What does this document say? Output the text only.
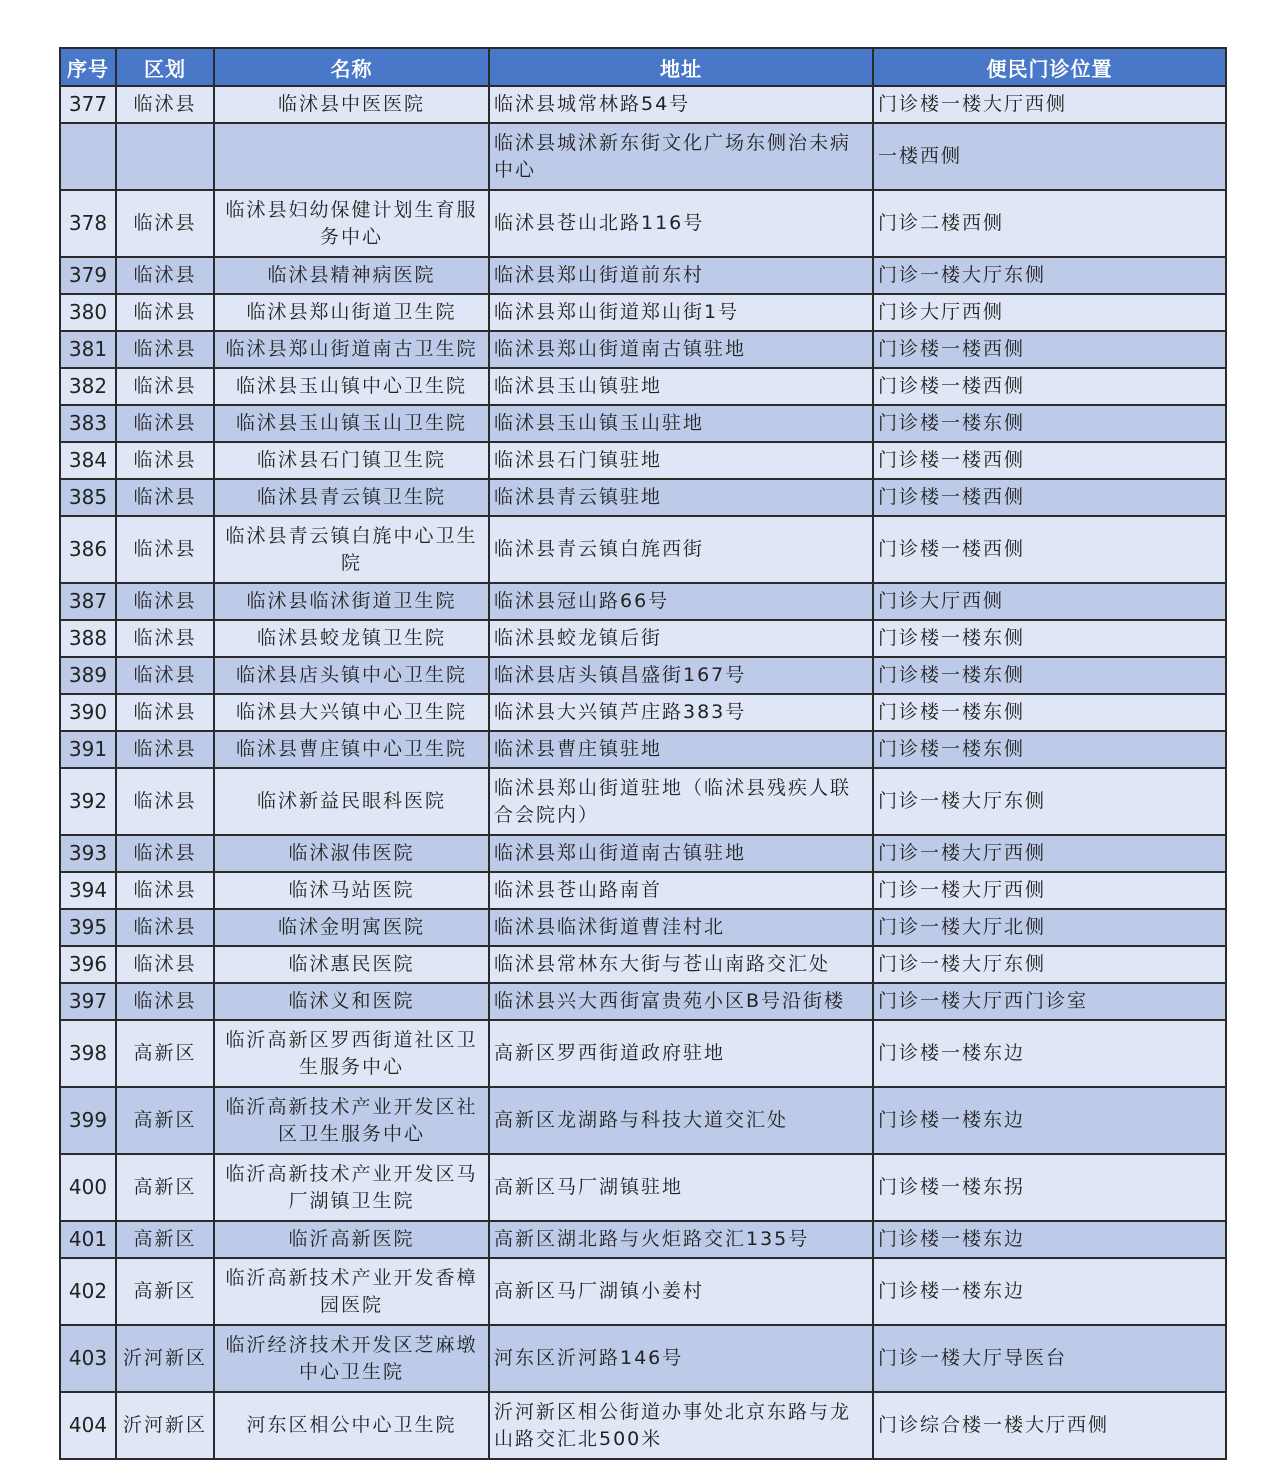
序号	区划	名称	地址	便民门诊位置
377	临沭县	临沭县中医医院	临沭县城常林路54号	门诊楼一楼大厅西侧
			临沭县城沭新东街文化广场东侧治未病中心	一楼西侧
378	临沭县	临沭县妇幼保健计划生育服务中心	临沭县苍山北路116号	门诊二楼西侧
379	临沭县	临沭县精神病医院	临沭县郑山街道前东村	门诊一楼大厅东侧
380	临沭县	临沭县郑山街道卫生院	临沭县郑山街道郑山街1号	门诊大厅西侧
381	临沭县	临沭县郑山街道南古卫生院	临沭县郑山街道南古镇驻地	门诊楼一楼西侧
382	临沭县	临沭县玉山镇中心卫生院	临沭县玉山镇驻地	门诊楼一楼西侧
383	临沭县	临沭县玉山镇玉山卫生院	临沭县玉山镇玉山驻地	门诊楼一楼东侧
384	临沭县	临沭县石门镇卫生院	临沭县石门镇驻地	门诊楼一楼西侧
385	临沭县	临沭县青云镇卫生院	临沭县青云镇驻地	门诊楼一楼西侧
386	临沭县	临沭县青云镇白旄中心卫生院	临沭县青云镇白旄西街	门诊楼一楼西侧
387	临沭县	临沭县临沭街道卫生院	临沭县冠山路66号	门诊大厅西侧
388	临沭县	临沭县蛟龙镇卫生院	临沭县蛟龙镇后街	门诊楼一楼东侧
389	临沭县	临沭县店头镇中心卫生院	临沭县店头镇昌盛街167号	门诊楼一楼东侧
390	临沭县	临沭县大兴镇中心卫生院	临沭县大兴镇芦庄路383号	门诊楼一楼东侧
391	临沭县	临沭县曹庄镇中心卫生院	临沭县曹庄镇驻地	门诊楼一楼东侧
392	临沭县	临沭新益民眼科医院	临沭县郑山街道驻地（临沭县残疾人联合会院内）	门诊一楼大厅东侧
393	临沭县	临沭淑伟医院	临沭县郑山街道南古镇驻地	门诊一楼大厅西侧
394	临沭县	临沭马站医院	临沭县苍山路南首	门诊一楼大厅西侧
395	临沭县	临沭金明寓医院	临沭县临沭街道曹洼村北	门诊一楼大厅北侧
396	临沭县	临沭惠民医院	临沭县常林东大街与苍山南路交汇处	门诊一楼大厅东侧
397	临沭县	临沭义和医院	临沭县兴大西街富贵苑小区B号沿街楼	门诊一楼大厅西门诊室
398	高新区	临沂高新区罗西街道社区卫生服务中心	高新区罗西街道政府驻地	门诊楼一楼东边
399	高新区	临沂高新技术产业开发区社区卫生服务中心	高新区龙湖路与科技大道交汇处	门诊楼一楼东边
400	高新区	临沂高新技术产业开发区马厂湖镇卫生院	高新区马厂湖镇驻地	门诊楼一楼东拐
401	高新区	临沂高新医院	高新区湖北路与火炬路交汇135号	门诊楼一楼东边
402	高新区	临沂高新技术产业开发香樟园医院	高新区马厂湖镇小姜村	门诊楼一楼东边
403	沂河新区	临沂经济技术开发区芝麻墩中心卫生院	河东区沂河路146号	门诊一楼大厅导医台
404	沂河新区	河东区相公中心卫生院	沂河新区相公街道办事处北京东路与龙山路交汇北500米	门诊综合楼一楼大厅西侧
